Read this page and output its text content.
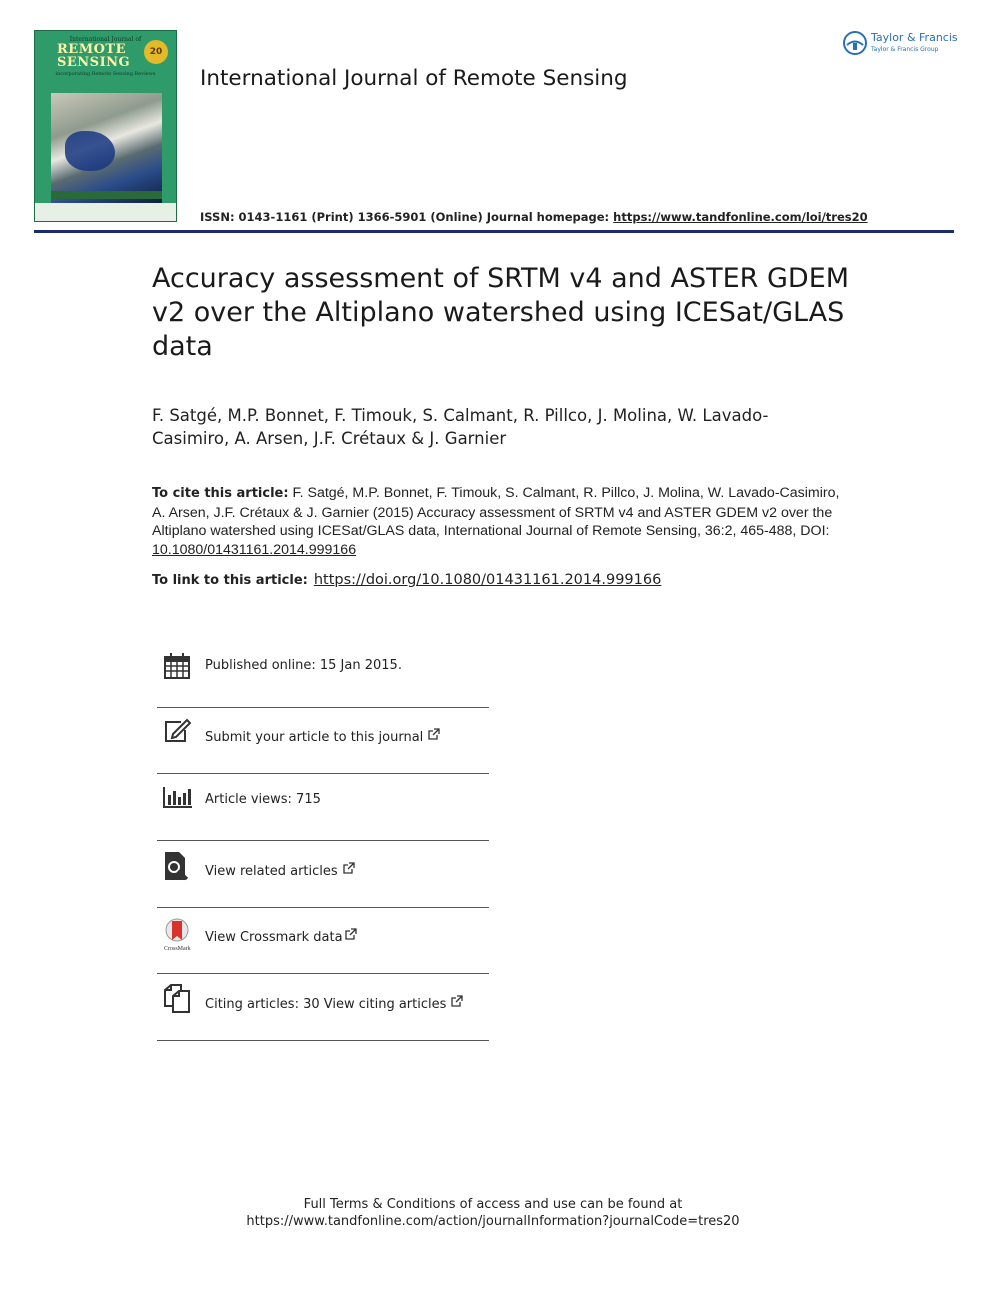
International Journal of
REMOTE
SENSING
20
incorporating Remote Sensing Reviews	International Journal of Remote Sensing
Taylor & Francis
Taylor & Francis Group
ISSN: 0143-1161 (Print) 1366-5901 (Online) Journal homepage: https://www.tandfonline.com/loi/tres20
Accuracy assessment of SRTM v4 and ASTER GDEM v2 over the Altiplano watershed using ICESat/GLAS data
F. Satgé, M.P. Bonnet, F. Timouk, S. Calmant, R. Pillco, J. Molina, W. Lavado-Casimiro, A. Arsen, J.F. Crétaux & J. Garnier
To cite this article: F. Satgé, M.P. Bonnet, F. Timouk, S. Calmant, R. Pillco, J. Molina, W. Lavado-Casimiro, A. Arsen, J.F. Crétaux & J. Garnier (2015) Accuracy assessment of SRTM v4 and ASTER GDEM v2 over the Altiplano watershed using ICESat/GLAS data, International Journal of Remote Sensing, 36:2, 465-488, DOI: 10.1080/01431161.2014.999166
To link to this article: https://doi.org/10.1080/01431161.2014.999166
Published online: 15 Jan 2015.
Submit your article to this journal
Article views: 715
View related articles
CrossMark
View Crossmark data
Citing articles: 30 View citing articles
Full Terms & Conditions of access and use can be found at
https://www.tandfonline.com/action/journalInformation?journalCode=tres20
